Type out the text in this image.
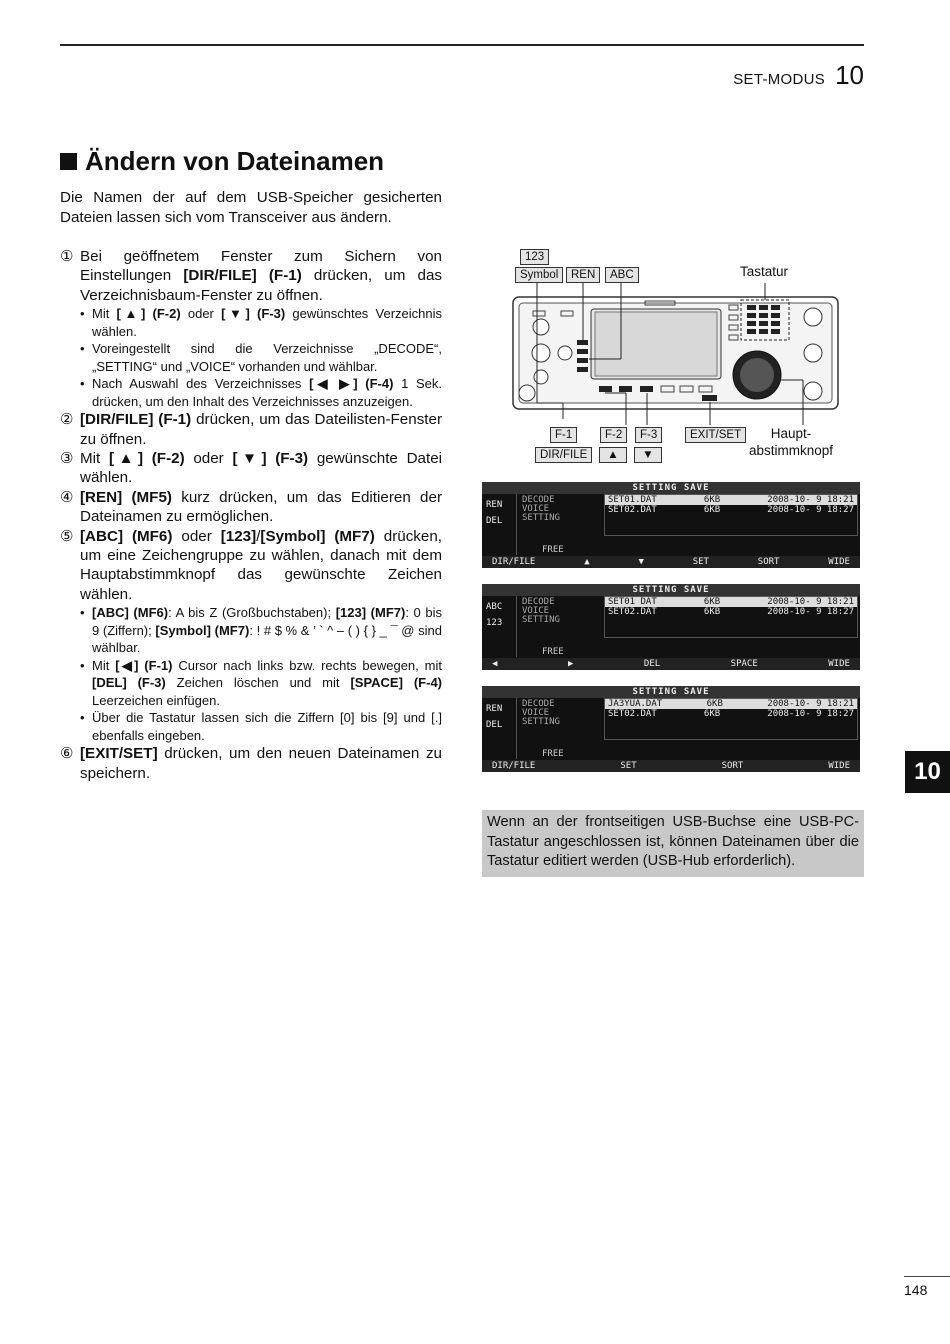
SET-MODUS 10
Ändern von Dateinamen
Die Namen der auf dem USB-Speicher gesicherten Dateien lassen sich vom Transceiver aus ändern.
① Bei geöffnetem Fenster zum Sichern von Einstellungen [DIR/FILE] (F-1) drücken, um das Verzeichnisbaum-Fenster zu öffnen.
• Mit [▲] (F-2) oder [▼] (F-3) gewünschtes Verzeichnis wählen.
• Voreingestellt sind die Verzeichnisse „DECODE“, „SETTING“ und „VOICE“ vorhanden und wählbar.
• Nach Auswahl des Verzeichnisses [◀ ▶] (F-4) 1 Sek. drücken, um den Inhalt des Verzeichnisses anzuzeigen.
② [DIR/FILE] (F-1) drücken, um das Dateilisten-Fenster zu öffnen.
③ Mit [▲] (F-2) oder [▼] (F-3) gewünschte Datei wählen.
④ [REN] (MF5) kurz drücken, um das Editieren der Dateinamen zu ermöglichen.
⑤ [ABC] (MF6) oder [123]/[Symbol] (MF7) drücken, um eine Zeichengruppe zu wählen, danach mit dem Hauptabstimmknopf das gewünschte Zeichen wählen.
• [ABC] (MF6): A bis Z (Großbuchstaben); [123] (MF7): 0 bis 9 (Ziffern); [Symbol] (MF7): ! # $ % & ’ ` ^ – ( ) { } _ ¯ @ sind wählbar.
• Mit [◀] (F-1) Cursor nach links bzw. rechts bewegen, mit [DEL] (F-3) Zeichen löschen und mit [SPACE] (F-4) Leerzeichen einfügen.
• Über die Tastatur lassen sich die Ziffern [0] bis [9] und [.] ebenfalls eingeben.
⑥ [EXIT/SET] drücken, um den neuen Dateinamen zu speichern.
123
Symbol	REN	ABC	Tastatur
F-1	F-2	F-3	EXIT/SET
DIR/FILE	▲	▼
Haupt-
abstimmknopf
SETTING SAVE
REN
DEL
DECODE
VOICE
SETTING
SET01.DAT	6KB	2008-10- 9 18:21
SET02.DAT	6KB	2008-10- 9 18:27
FREE
DIR/FILE	▲	▼	SET	SORT	WIDE
SETTING SAVE
ABC
123
DECODE
VOICE
SETTING
SET01 DAT	6KB	2008-10- 9 18:21
SET02.DAT	6KB	2008-10- 9 18:27
FREE
◀	▶	DEL	SPACE	WIDE
SETTING SAVE
REN
DEL
DECODE
VOICE
SETTING
JA3YUA.DAT	6KB	2008-10- 9 18:21
SET02.DAT	6KB	2008-10- 9 18:27
FREE
DIR/FILE	SET	SORT	WIDE	10
Wenn an der frontseitigen USB-Buchse eine USB-PC-Tastatur angeschlossen ist, können Dateinamen über die Tastatur editiert werden (USB-Hub erforderlich).
148
